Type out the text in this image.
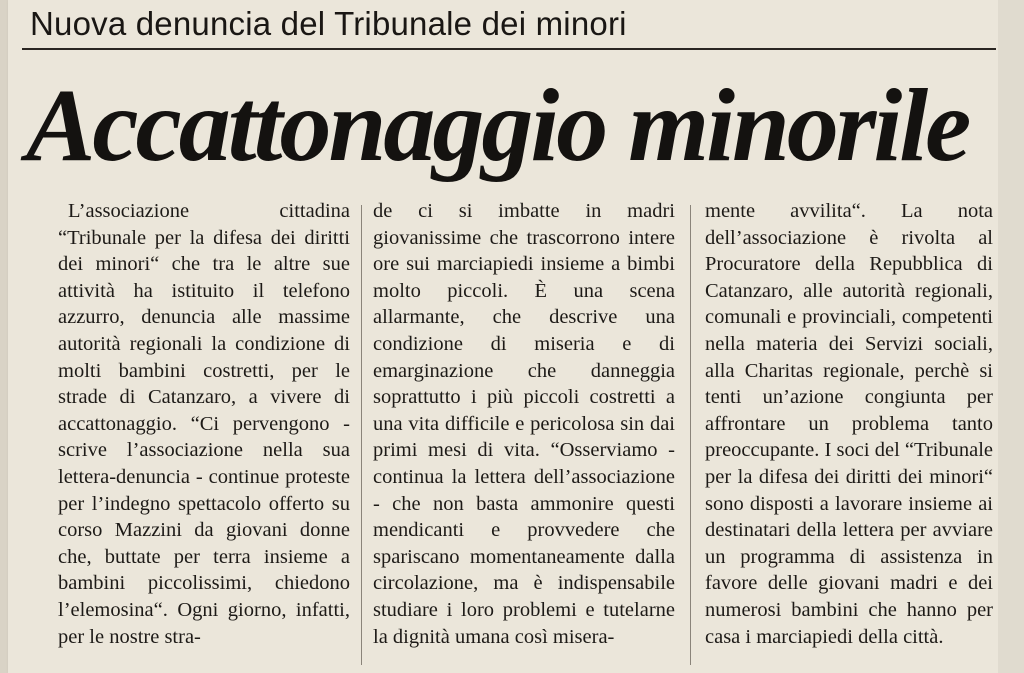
Nuova denuncia del Tribunale dei minori
Accattonaggio minorile
L’associazione cittadina “Tribunale per la difesa dei diritti dei minori“ che tra le altre sue attività ha istituito il telefono azzurro, denuncia alle massime autorità regionali la condizione di molti bambini costretti, per le strade di Catanzaro, a vivere di accattonaggio. “Ci pervengono - scrive l’associazione nella sua lettera-denuncia - continue proteste per l’indegno spettacolo offerto su corso Mazzini da giovani donne che, buttate per terra insieme a bambini piccolissimi, chiedono l’elemosina“. Ogni giorno, infatti, per le nostre stra-
de ci si imbatte in madri giovanissime che trascorrono intere ore sui marciapiedi insieme a bimbi molto piccoli. È una scena allarmante, che descrive una condizione di miseria e di emarginazione che danneggia soprattutto i più piccoli costretti a una vita difficile e pericolosa sin dai primi mesi di vita. “Osserviamo - continua la lettera dell’associazione - che non basta ammonire questi mendicanti e provvedere che spariscano momentaneamente dalla circolazione, ma è indispensabile studiare i loro problemi e tutelarne la dignità umana così misera-
mente avvilita“. La nota dell’associazione è rivolta al Procuratore della Repubblica di Catanzaro, alle autorità regionali, comunali e provinciali, competenti nella materia dei Servizi sociali, alla Charitas regionale, perchè si tenti un’azione congiunta per affrontare un problema tanto preoccupante. I soci del “Tribunale per la difesa dei diritti dei minori“ sono disposti a lavorare insieme ai destinatari della lettera per avviare un programma di assistenza in favore delle giovani madri e dei numerosi bambini che hanno per casa i marciapiedi della città.
